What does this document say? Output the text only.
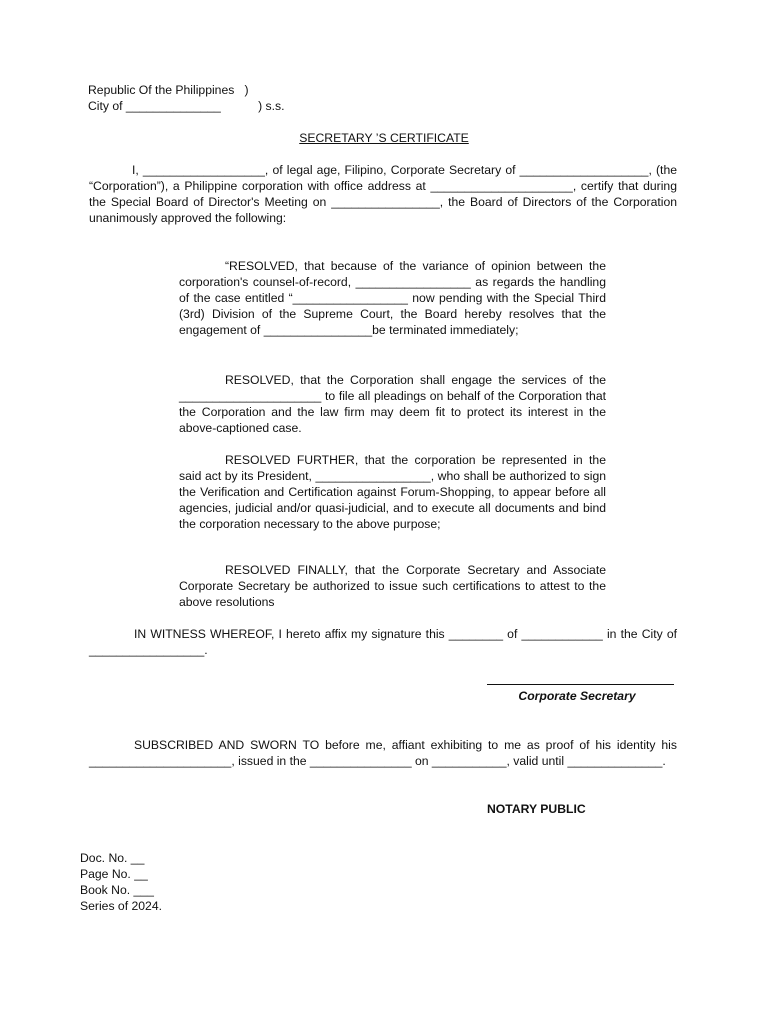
Republic Of the Philippines   )
City of ______________           ) s.s.
SECRETARY ’S CERTIFICATE
I, __________________, of legal age, Filipino, Corporate Secretary of ___________________, (the “Corporation”), a Philippine corporation with office address at _____________________, certify that during the Special Board of Director's Meeting on ________________, the Board of Directors of the Corporation unanimously approved the following:
“RESOLVED, that because of the variance of opinion between the corporation's counsel-of-record, _________________ as regards the handling of the case entitled “_________________ now pending with the Special Third (3rd) Division of the Supreme Court, the Board hereby resolves that the engagement of ________________be terminated immediately;
RESOLVED, that the Corporation shall engage the services of the _____________________ to file all pleadings on behalf of the Corporation that the Corporation and the law firm may deem fit to protect its interest in the above-captioned case.
RESOLVED FURTHER, that the corporation be represented in the said act by its President, _________________, who shall be authorized to sign the Verification and Certification against Forum-Shopping, to appear before all agencies, judicial and/or quasi-judicial, and to execute all documents and bind the corporation necessary to the above purpose;
RESOLVED FINALLY, that the Corporate Secretary and Associate Corporate Secretary be authorized to issue such certifications to attest to the above resolutions
IN WITNESS WHEREOF, I hereto affix my signature this ________ of ____________ in the City of _________________.
Corporate Secretary
SUBSCRIBED AND SWORN TO before me, affiant exhibiting to me as proof of his identity his _____________________, issued in the _______________ on ___________, valid until ______________.
NOTARY PUBLIC
Doc. No. __
Page No. __
Book No. ___
Series of 2024.
